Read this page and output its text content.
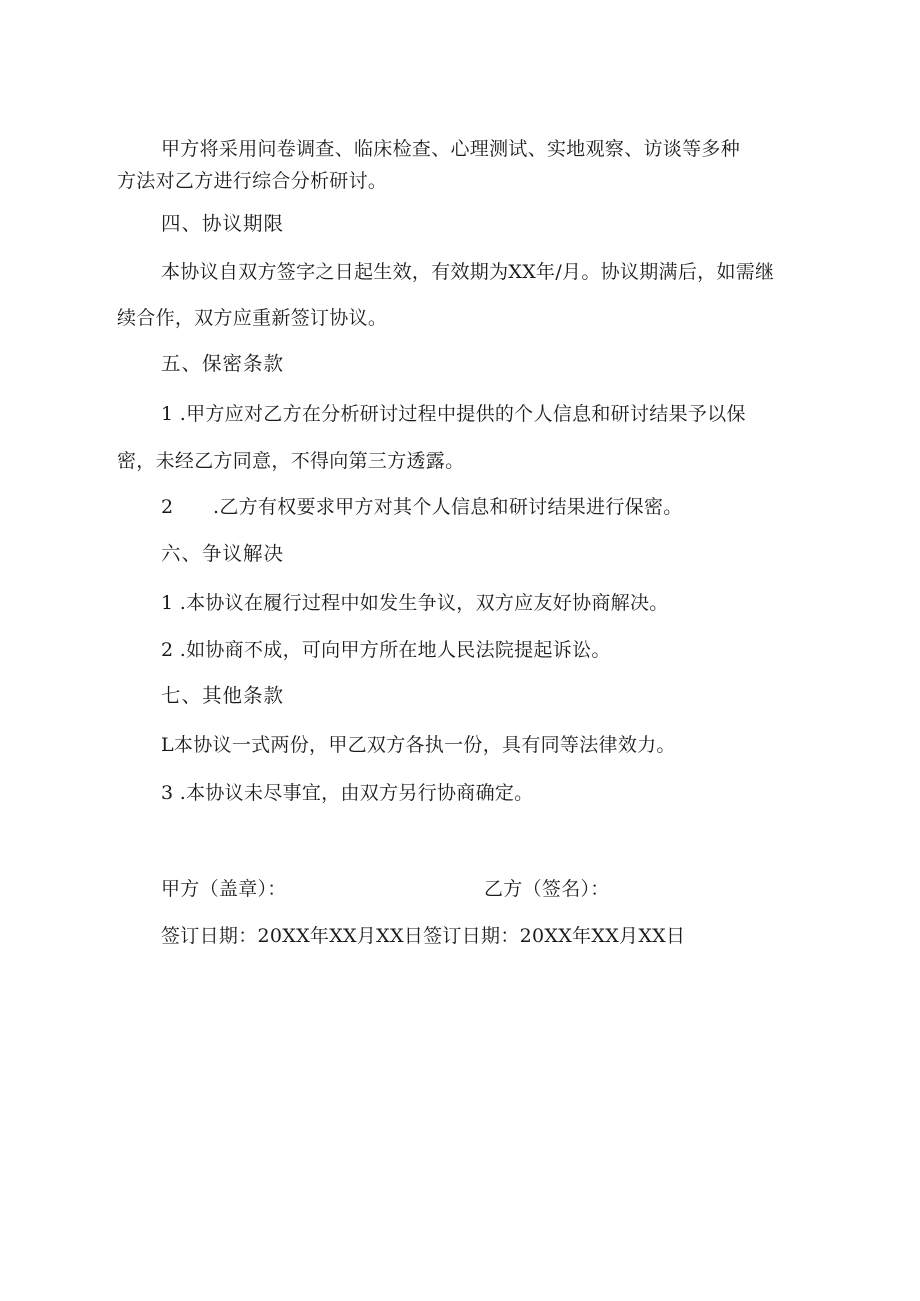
甲方将采用问卷调查、临床检查、心理测试、实地观察、访谈等多种
方法对乙方进行综合分析研讨。
四、协议期限
本协议自双方签字之日起生效，有效期为XX年/月。协议期满后，如需继
续合作，双方应重新签订协议。
五、保密条款
1 .甲方应对乙方在分析研讨过程中提供的个人信息和研讨结果予以保
密，未经乙方同意，不得向第三方透露。
2 .乙方有权要求甲方对其个人信息和研讨结果进行保密。
六、争议解决
1 .本协议在履行过程中如发生争议，双方应友好协商解决。
2 .如协商不成，可向甲方所在地人民法院提起诉讼。
七、其他条款
L本协议一式两份，甲乙双方各执一份，具有同等法律效力。
3 .本协议未尽事宜，由双方另行协商确定。
甲方（盖章）：	乙方（签名）：
签订日期：20XX年XX月XX日签订日期：20XX年XX月XX日
